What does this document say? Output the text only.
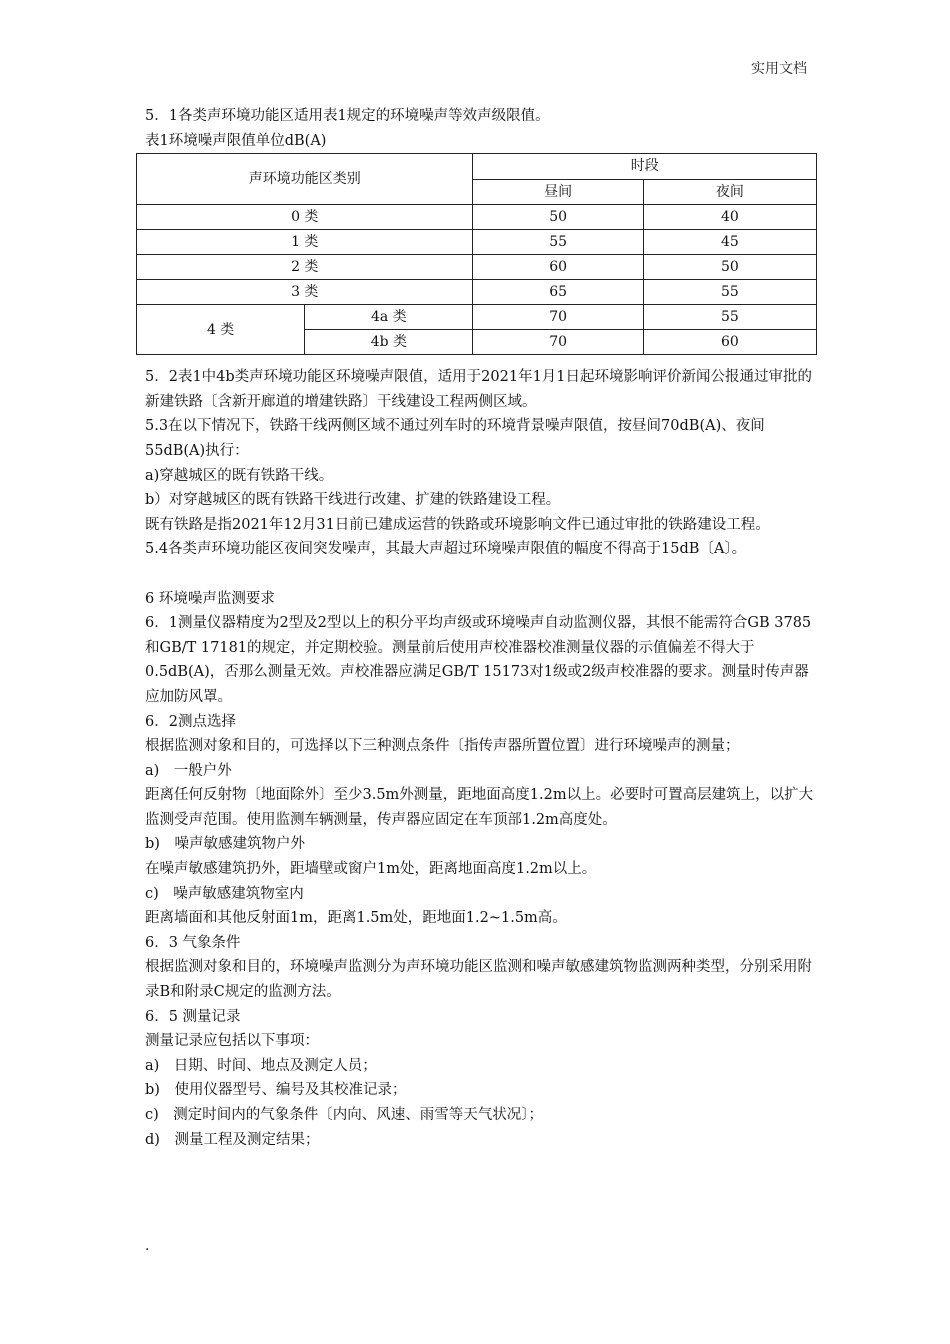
实用文档

5．1各类声环境功能区适用表1规定的环境噪声等效声级限值。

表1环境噪声限值单位dB(A)

声环境功能区类别		时段	
		昼间	夜间
0 类		50	40
1 类		55	45
2 类		60	50
3 类		65	55
4 类	4a 类	70	55
	4b 类	70	60

5．2表1中4b类声环境功能区环境噪声限值，适用于2021年1月1日起环境影响评价新闻公报通过审批的新建铁路〔含新开廊道的增建铁路〕干线建设工程两侧区域。

5.3在以下情况下，铁路干线两侧区域不通过列车时的环境背景噪声限值，按昼间70dB(A)、夜间55dB(A)执行：

a)穿越城区的既有铁路干线。

b）对穿越城区的既有铁路干线进行改建、扩建的铁路建设工程。

既有铁路是指2021年12月31日前已建成运营的铁路或环境影响文件已通过审批的铁路建设工程。

5.4各类声环境功能区夜间突发噪声，其最大声超过环境噪声限值的幅度不得高于15dB〔A〕。

6 环境噪声监测要求

6．1测量仪器精度为2型及2型以上的积分平均声级或环境噪声自动监测仪器，其恨不能需符合GB 3785和GB/T 17181的规定，并定期校验。测量前后使用声校准器校准测量仪器的示值偏差不得大于0.5dB(A)，否那么测量无效。声校准器应满足GB/T 15173对1级或2级声校准器的要求。测量时传声器应加防风罩。

6．2测点选择

根据监测对象和目的，可选择以下三种测点条件〔指传声器所置位置〕进行环境噪声的测量；

a)　一般户外

距离任何反射物〔地面除外〕至少3.5m外测量，距地面高度1.2m以上。必要时可置高层建筑上，以扩大监测受声范围。使用监测车辆测量，传声器应固定在车顶部1.2m高度处。

b)　噪声敏感建筑物户外

在噪声敏感建筑扔外，距墙壁或窗户1m处，距离地面高度1.2m以上。

c)　噪声敏感建筑物室内

距离墙面和其他反射面1m，距离1.5m处，距地面1.2~1.5m高。

6．3 气象条件

根据监测对象和目的，环境噪声监测分为声环境功能区监测和噪声敏感建筑物监测两种类型，分别采用附录B和附录C规定的监测方法。

6．5 测量记录

测量记录应包括以下事项：

a)　日期、时间、地点及测定人员；

b)　使用仪器型号、编号及其校准记录；

c)　测定时间内的气象条件〔内向、风速、雨雪等天气状况〕；

d)　测量工程及测定结果；

.
